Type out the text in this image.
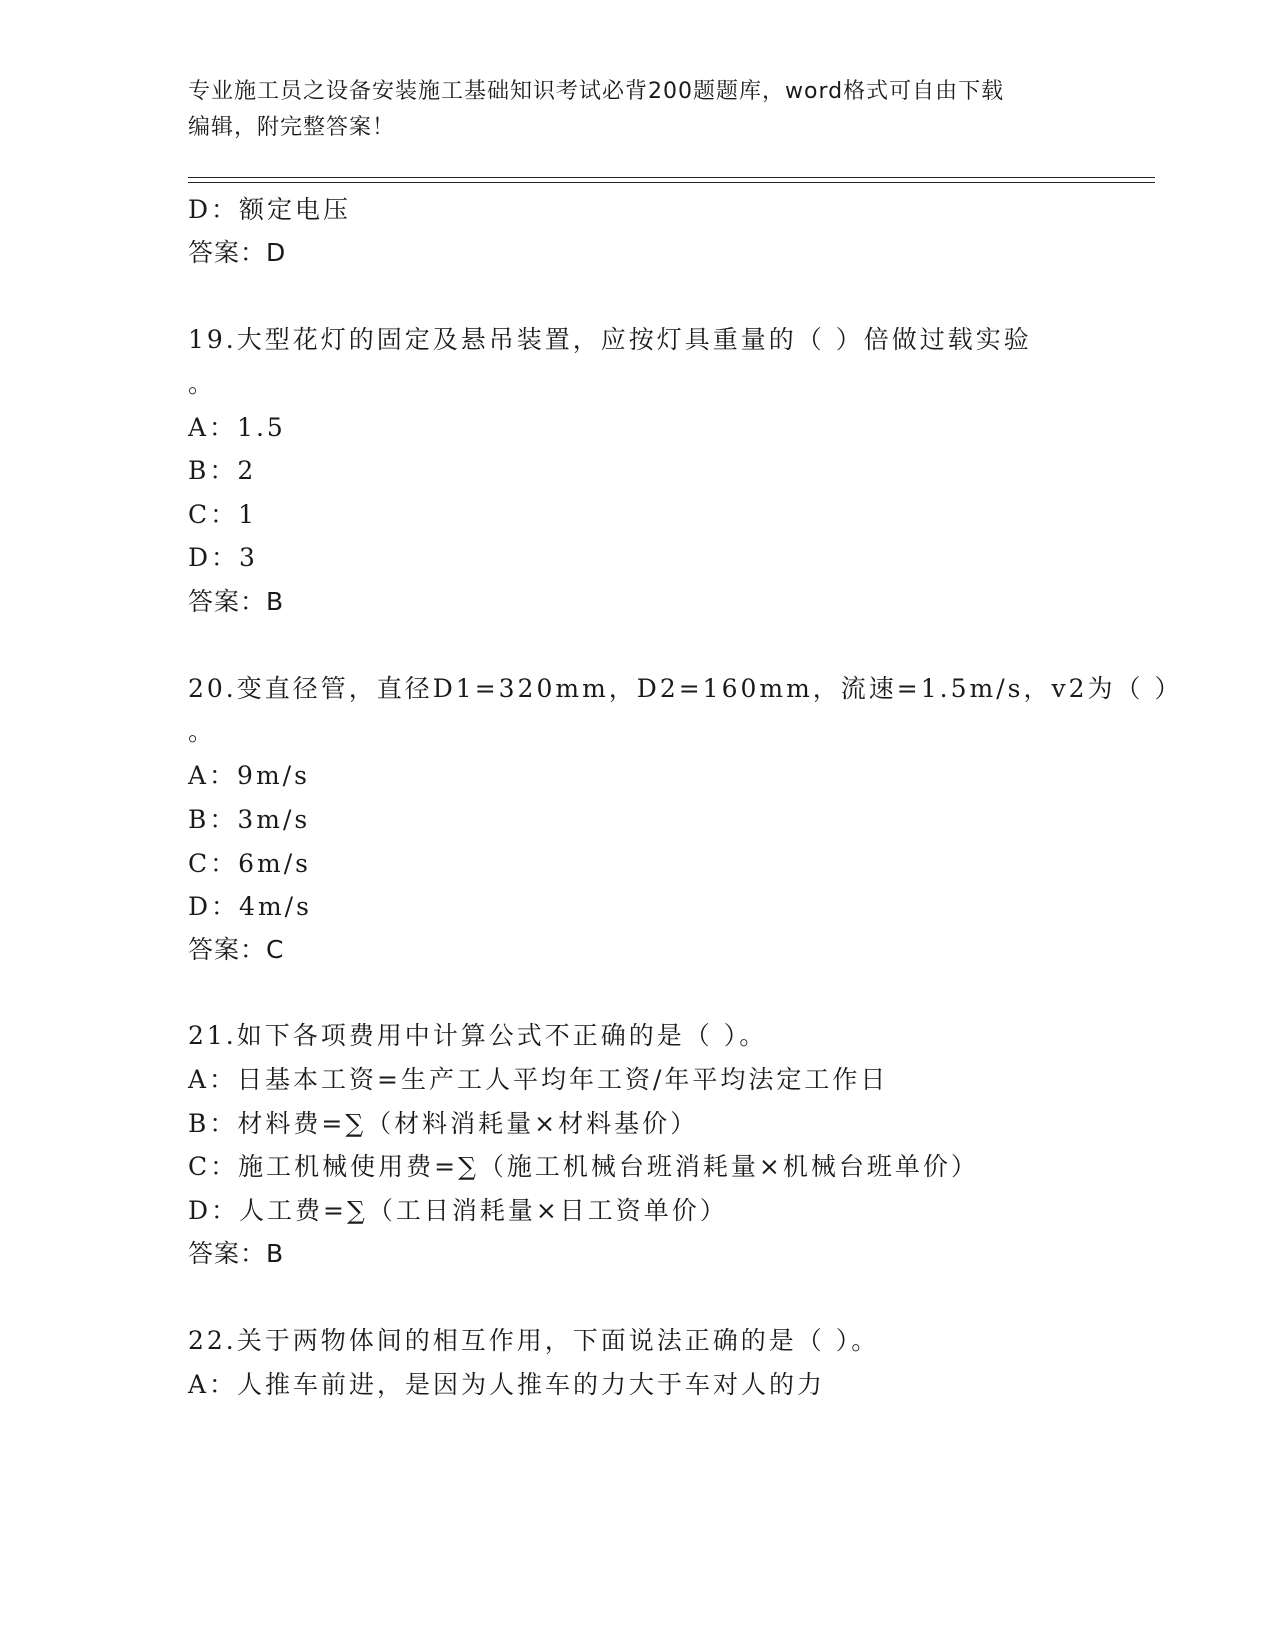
专业施工员之设备安装施工基础知识考试必背200题题库，word格式可自由下载
编辑，附完整答案！
D：额定电压
答案：D
19.大型花灯的固定及悬吊装置，应按灯具重量的（ ）倍做过载实验
。
A：1.5
B：2
C：1
D：3
答案：B
20.变直径管，直径D1=320mm，D2=160mm，流速=1.5m/s，v2为（ ）
。
A：9m/s
B：3m/s
C：6m/s
D：4m/s
答案：C
21.如下各项费用中计算公式不正确的是（ ）。
A：日基本工资=生产工人平均年工资/年平均法定工作日
B：材料费=∑（材料消耗量×材料基价）
C：施工机械使用费=∑（施工机械台班消耗量×机械台班单价）
D：人工费=∑（工日消耗量×日工资单价）
答案：B
22.关于两物体间的相互作用，下面说法正确的是（ ）。
A：人推车前进，是因为人推车的力大于车对人的力
